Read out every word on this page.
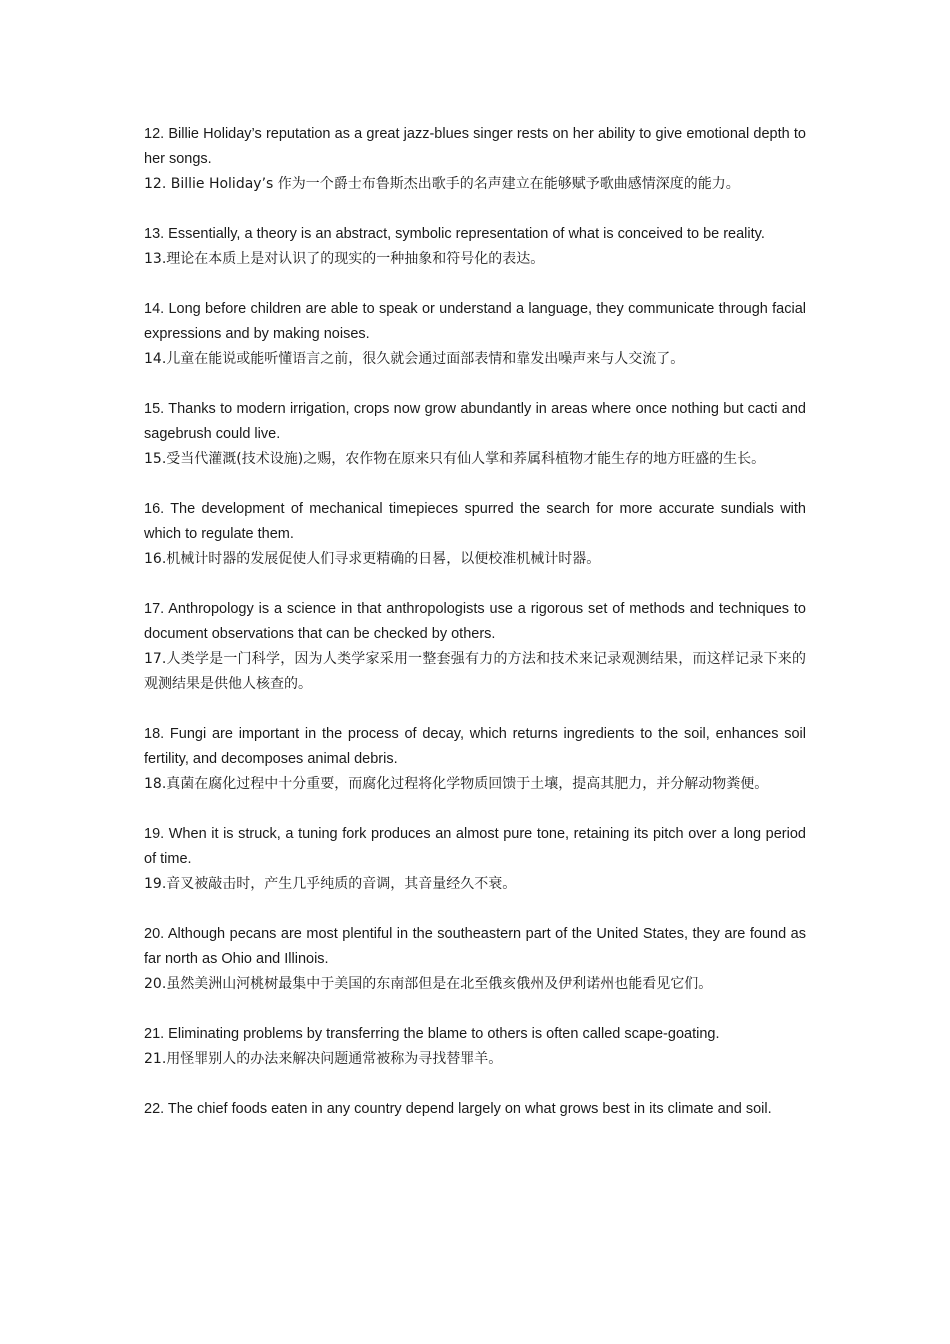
12. Billie Holiday’s reputation as a great jazz-blues singer rests on her ability to give emotional depth to her songs.

12. Billie Holiday’s 作为一个爵士布鲁斯杰出歌手的名声建立在能够赋予歌曲感情深度的能力。

13. Essentially, a theory is an abstract, symbolic representation of what is conceived to be reality.

13.理论在本质上是对认识了的现实的一种抽象和符号化的表达。

14. Long before children are able to speak or understand a language, they communicate through facial expressions and by making noises.

14.儿童在能说或能听懂语言之前，很久就会通过面部表情和靠发出噪声来与人交流了。

15. Thanks to modern irrigation, crops now grow abundantly in areas where once nothing but cacti and sagebrush could live.

15.受当代灌溉(技术设施)之赐，农作物在原来只有仙人掌和荞属科植物才能生存的地方旺盛的生长。

16. The development of mechanical timepieces spurred the search for more accurate sundials with which to regulate them.

16.机械计时器的发展促使人们寻求更精确的日晷，以便校准机械计时器。

17. Anthropology is a science in that anthropologists use a rigorous set of methods and techniques to document observations that can be checked by others.

17.人类学是一门科学，因为人类学家采用一整套强有力的方法和技术来记录观测结果，而这样记录下来的观测结果是供他人核查的。

18. Fungi are important in the process of decay, which returns ingredients to the soil, enhances soil fertility, and decomposes animal debris.

18.真菌在腐化过程中十分重要，而腐化过程将化学物质回馈于土壤，提高其肥力，并分解动物粪便。

19. When it is struck, a tuning fork produces an almost pure tone, retaining its pitch over a long period of time.

19.音叉被敲击时，产生几乎纯质的音调，其音量经久不衰。

20. Although pecans are most plentiful in the southeastern part of the United States, they are found as far north as Ohio and Illinois.

20.虽然美洲山河桃树最集中于美国的东南部但是在北至俄亥俄州及伊利诺州也能看见它们。

21. Eliminating problems by transferring the blame to others is often called scape-goating.

21.用怪罪别人的办法来解决问题通常被称为寻找替罪羊。

22. The chief foods eaten in any country depend largely on what grows best in its climate and soil.
